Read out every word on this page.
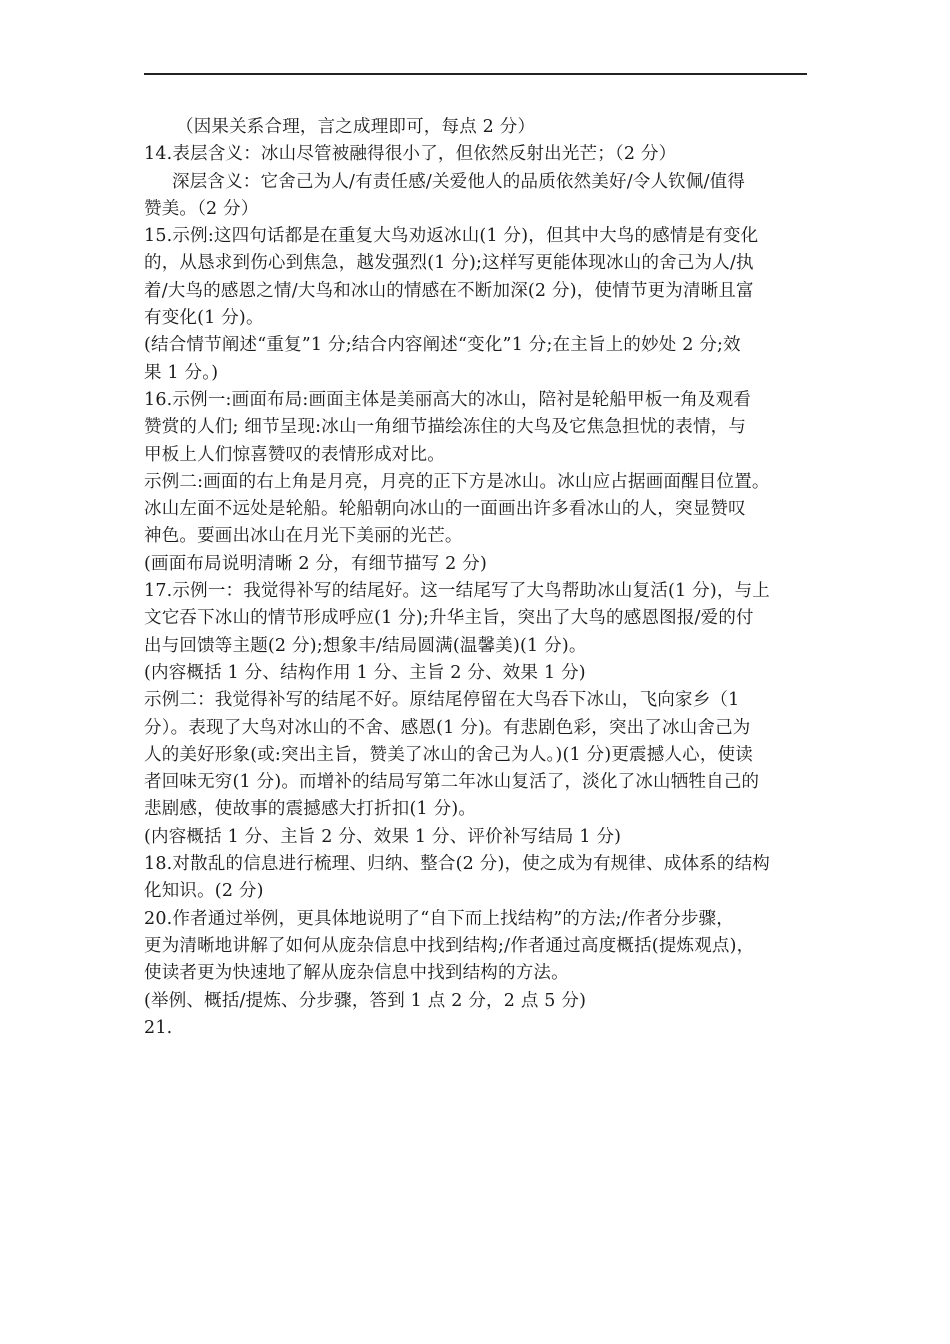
（因果关系合理，言之成理即可，每点 2 分）
14.表层含义：冰山尽管被融得很小了，但依然反射出光芒；（2 分）
深层含义：它舍己为人/有责任感/关爱他人的品质依然美好/令人钦佩/值得
赞美。（2 分）
15.示例:这四句话都是在重复大鸟劝返冰山(1 分)，但其中大鸟的感情是有变化
的，从恳求到伤心到焦急，越发强烈(1 分);这样写更能体现冰山的舍己为人/执
着/大鸟的感恩之情/大鸟和冰山的情感在不断加深(2 分)，使情节更为清晰且富
有变化(1 分)。
(结合情节阐述“重复”1 分;结合内容阐述“变化”1 分;在主旨上的妙处 2 分;效
果 1 分。)
16.示例一:画面布局:画面主体是美丽高大的冰山，陪衬是轮船甲板一角及观看
赞赏的人们; 细节呈现:冰山一角细节描绘冻住的大鸟及它焦急担忧的表情，与
甲板上人们惊喜赞叹的表情形成对比。
示例二:画面的右上角是月亮，月亮的正下方是冰山。冰山应占据画面醒目位置。
冰山左面不远处是轮船。轮船朝向冰山的一面画出许多看冰山的人，突显赞叹
神色。要画出冰山在月光下美丽的光芒。
(画面布局说明清晰 2 分，有细节描写 2 分)
17.示例一：我觉得补写的结尾好。这一结尾写了大鸟帮助冰山复活(1 分)，与上
文它吞下冰山的情节形成呼应(1 分);升华主旨，突出了大鸟的感恩图报/爱的付
出与回馈等主题(2 分);想象丰/结局圆满(温馨美)(1 分)。
(内容概括 1 分、结构作用 1 分、主旨 2 分、效果 1 分)
示例二：我觉得补写的结尾不好。原结尾停留在大鸟吞下冰山，飞向家乡（1
分）。表现了大鸟对冰山的不舍、感恩(1 分)。有悲剧色彩，突出了冰山舍己为
人的美好形象(或:突出主旨，赞美了冰山的舍己为人。)(1 分)更震撼人心，使读
者回味无穷(1 分)。而增补的结局写第二年冰山复活了，淡化了冰山牺牲自己的
悲剧感，使故事的震撼感大打折扣(1 分)。
(内容概括 1 分、主旨 2 分、效果 1 分、评价补写结局 1 分)
18.对散乱的信息进行梳理、归纳、整合(2 分)，使之成为有规律、成体系的结构
化知识。(2 分)
20.作者通过举例，更具体地说明了“自下而上找结构”的方法;/作者分步骤，
更为清晰地讲解了如何从庞杂信息中找到结构;/作者通过高度概括(提炼观点)，
使读者更为快速地了解从庞杂信息中找到结构的方法。
(举例、概括/提炼、分步骤，答到 1 点 2 分，2 点 5 分)
21.
